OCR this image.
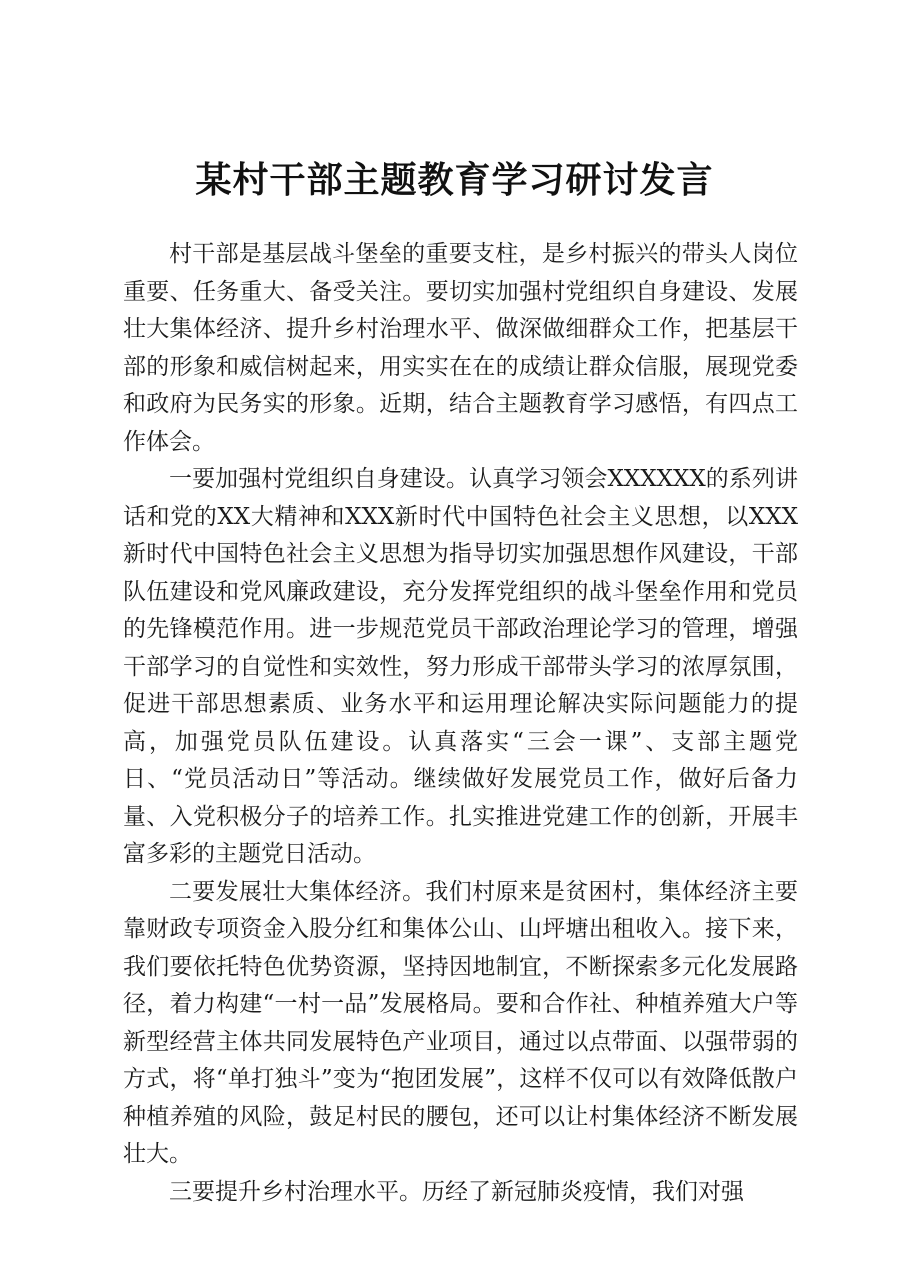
某村干部主题教育学习研讨发言

村干部是基层战斗堡垒的重要支柱，是乡村振兴的带头人岗位重要、任务重大、备受关注。要切实加强村党组织自身建设、发展壮大集体经济、提升乡村治理水平、做深做细群众工作，把基层干部的形象和威信树起来，用实实在在的成绩让群众信服，展现党委和政府为民务实的形象。近期，结合主题教育学习感悟，有四点工作体会。

一要加强村党组织自身建设。认真学习领会XXXXXX的系列讲话和党的XX大精神和XXX新时代中国特色社会主义思想，以XXX新时代中国特色社会主义思想为指导切实加强思想作风建设，干部队伍建设和党风廉政建设，充分发挥党组织的战斗堡垒作用和党员的先锋模范作用。进一步规范党员干部政治理论学习的管理，增强干部学习的自觉性和实效性，努力形成干部带头学习的浓厚氛围，促进干部思想素质、业务水平和运用理论解决实际问题能力的提高，加强党员队伍建设。认真落实“三会一课”、支部主题党日、“党员活动日”等活动。继续做好发展党员工作，做好后备力量、入党积极分子的培养工作。扎实推进党建工作的创新，开展丰富多彩的主题党日活动。

二要发展壮大集体经济。我们村原来是贫困村，集体经济主要靠财政专项资金入股分红和集体公山、山坪塘出租收入。接下来，我们要依托特色优势资源，坚持因地制宜，不断探索多元化发展路径，着力构建“一村一品”发展格局。要和合作社、种植养殖大户等新型经营主体共同发展特色产业项目，通过以点带面、以强带弱的方式，将“单打独斗”变为“抱团发展”，这样不仅可以有效降低散户种植养殖的风险，鼓足村民的腰包，还可以让村集体经济不断发展壮大。

三要提升乡村治理水平。历经了新冠肺炎疫情，我们对强
